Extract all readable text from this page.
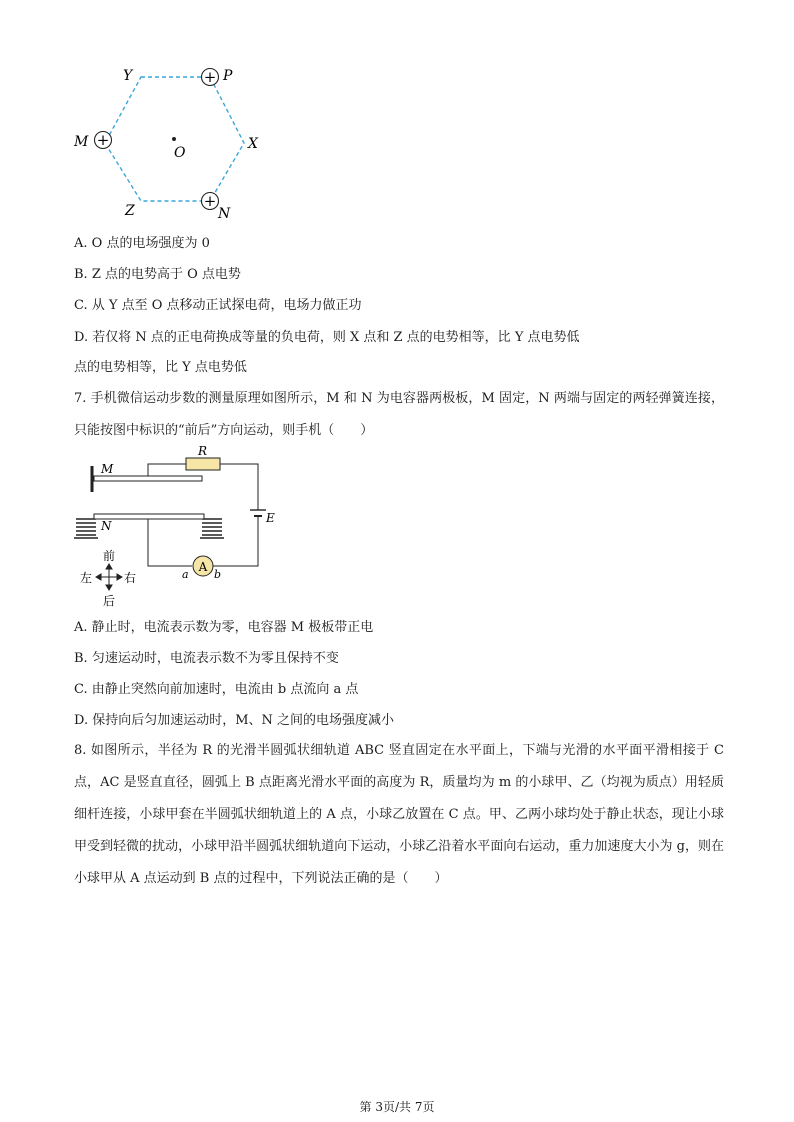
+
+
+
Y	P
M
O
X
Z	N
A. O 点的电场强度为 0
B. Z 点的电势高于 O 点电势
C. 从 Y 点至 O 点移动正试探电荷，电场力做正功
D. 若仅将 N 点的正电荷换成等量的负电荷，则 X 点和 Z 点的电势相等，比 Y 点电势低
点的电势相等，比 Y 点电势低
7. 手机微信运动步数的测量原理如图所示，M 和 N 为电容器两极板，M 固定，N 两端与固定的两轻弹簧连接，只能按图中标识的“前后”方向运动，则手机（　　）
M
R
E
N
A
a b
前
后
左	右
A. 静止时，电流表示数为零，电容器 M 极板带正电
B. 匀速运动时，电流表示数不为零且保持不变
C. 由静止突然向前加速时，电流由 b 点流向 a 点
D. 保持向后匀加速运动时，M、N 之间的电场强度减小
8. 如图所示，半径为 R 的光滑半圆弧状细轨道 ABC 竖直固定在水平面上，下端与光滑的水平面平滑相接于 C 点，AC 是竖直直径，圆弧上 B 点距离光滑水平面的高度为 R，质量均为 m 的小球甲、乙（均视为质点）用轻质细杆连接，小球甲套在半圆弧状细轨道上的 A 点，小球乙放置在 C 点。甲、乙两小球均处于静止状态，现让小球甲受到轻微的扰动，小球甲沿半圆弧状细轨道向下运动，小球乙沿着水平面向右运动，重力加速度大小为 g，则在小球甲从 A 点运动到 B 点的过程中，下列说法正确的是（　　）
第 3页/共 7页
